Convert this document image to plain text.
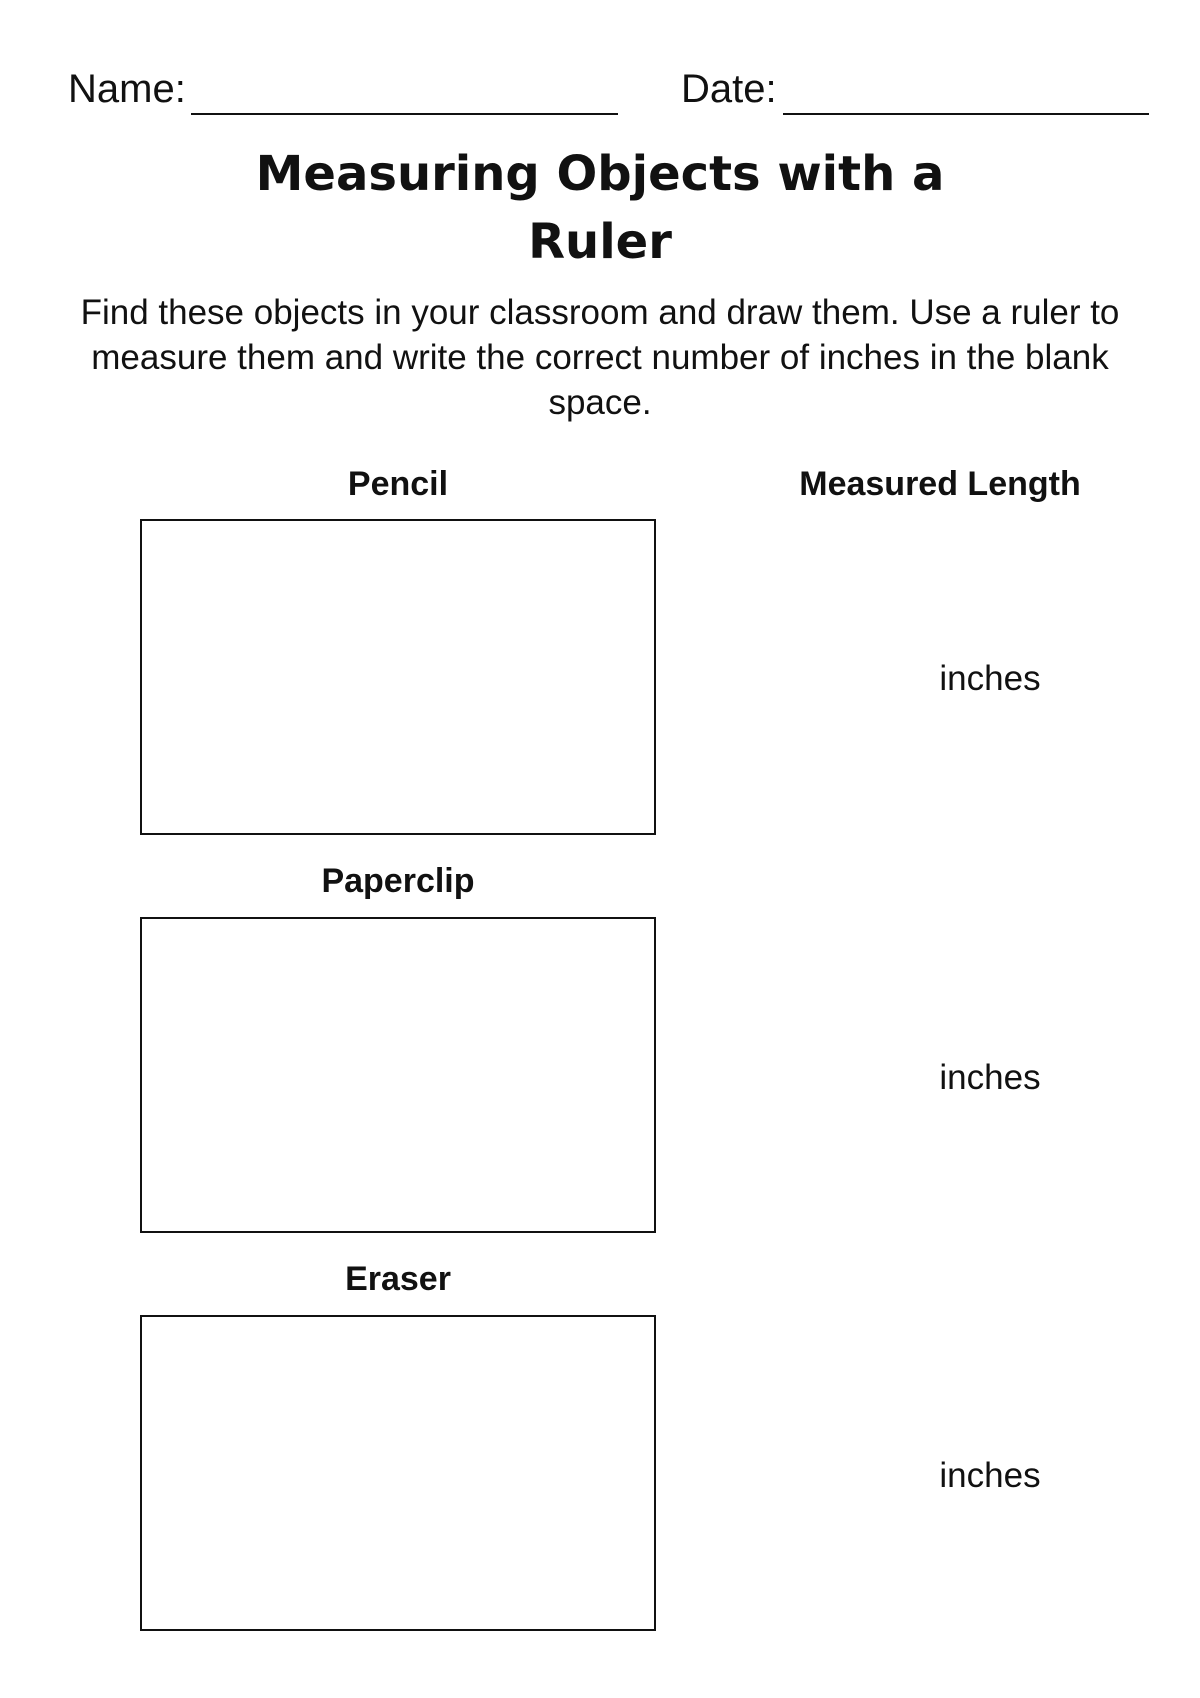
Name:	Date:
Measuring Objects with a
Ruler

Find these objects in your classroom and draw them. Use a ruler to measure them and write the correct number of inches in the blank space.

Measured Length
Pencil
inches
Paperclip
inches
Eraser
inches
